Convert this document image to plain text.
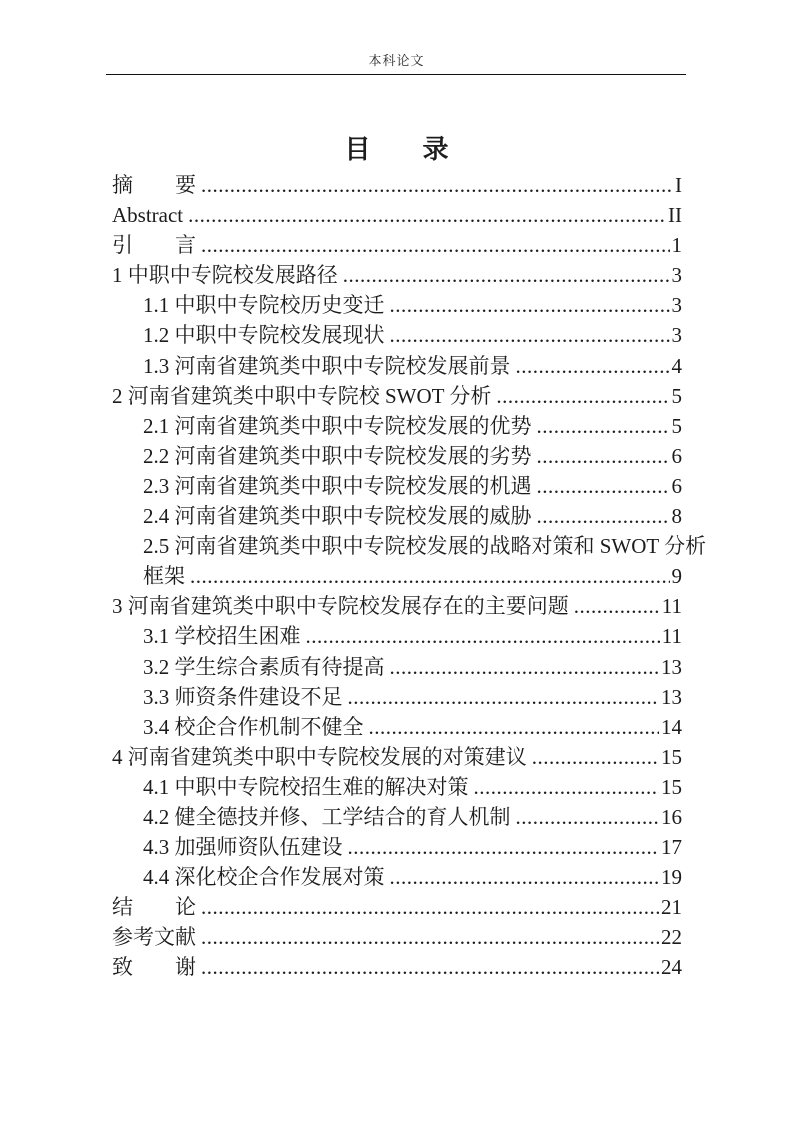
本科论文
目　　录
摘　　要 .....	I
Abstract .....	II
引　　言 .....	1
1 中职中专院校发展路径 .....	3
1.1 中职中专院校历史变迁 .....	3
1.2 中职中专院校发展现状 .....	3
1.3 河南省建筑类中职中专院校发展前景 .....	4
2 河南省建筑类中职中专院校 SWOT 分析 .....	5
2.1 河南省建筑类中职中专院校发展的优势 .....	5
2.2 河南省建筑类中职中专院校发展的劣势 .....	6
2.3 河南省建筑类中职中专院校发展的机遇 .....	6
2.4 河南省建筑类中职中专院校发展的威胁 .....	8
2.5 河南省建筑类中职中专院校发展的战略对策和 SWOT 分析
框架 .....	9
3 河南省建筑类中职中专院校发展存在的主要问题 .....	11
3.1 学校招生困难 .....	11
3.2 学生综合素质有待提高 .....	13
3.3 师资条件建设不足 .....	13
3.4 校企合作机制不健全 .....	14
4 河南省建筑类中职中专院校发展的对策建议 .....	15
4.1 中职中专院校招生难的解决对策 .....	15
4.2 健全德技并修、工学结合的育人机制 .....	16
4.3 加强师资队伍建设 .....	17
4.4 深化校企合作发展对策 .....	19
结　　论 .....	21
参考文献 .....	22
致　　谢 .....	24
